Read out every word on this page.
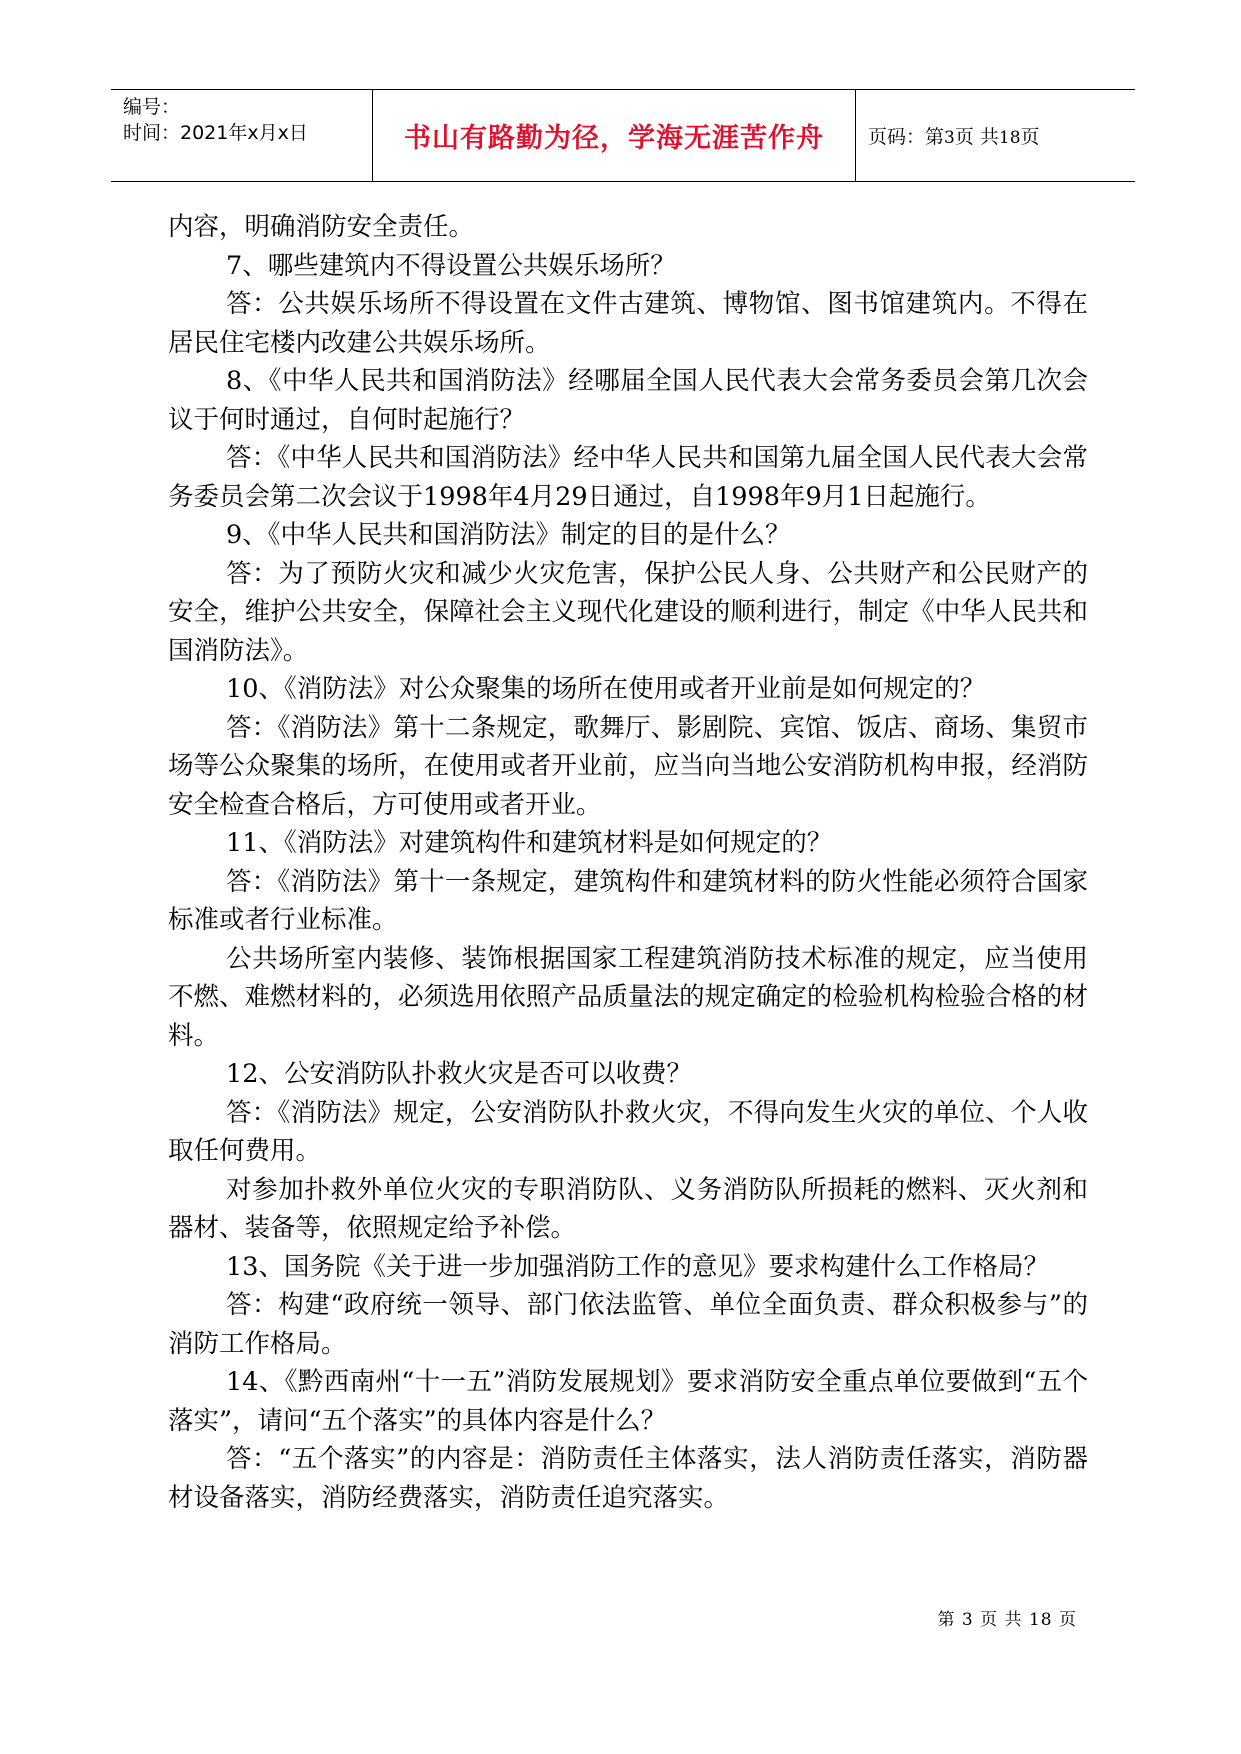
编号：
时间：2021年x月x日	书山有路勤为径，学海无涯苦作舟 页码：第3页 共18页

内容，明确消防安全责任。

7、哪些建筑内不得设置公共娱乐场所？

答：公共娱乐场所不得设置在文件古建筑、博物馆、图书馆建筑内。不得在居民住宅楼内改建公共娱乐场所。

8、《中华人民共和国消防法》经哪届全国人民代表大会常务委员会第几次会议于何时通过，自何时起施行？

答：《中华人民共和国消防法》经中华人民共和国第九届全国人民代表大会常务委员会第二次会议于1998年4月29日通过，自1998年9月1日起施行。

9、《中华人民共和国消防法》制定的目的是什么？

答：为了预防火灾和减少火灾危害，保护公民人身、公共财产和公民财产的安全，维护公共安全，保障社会主义现代化建设的顺利进行，制定《中华人民共和国消防法》。

10、《消防法》对公众聚集的场所在使用或者开业前是如何规定的？

答：《消防法》第十二条规定，歌舞厅、影剧院、宾馆、饭店、商场、集贸市场等公众聚集的场所，在使用或者开业前，应当向当地公安消防机构申报，经消防安全检查合格后，方可使用或者开业。

11、《消防法》对建筑构件和建筑材料是如何规定的？

答：《消防法》第十一条规定，建筑构件和建筑材料的防火性能必须符合国家标准或者行业标准。

公共场所室内装修、装饰根据国家工程建筑消防技术标准的规定，应当使用不燃、难燃材料的，必须选用依照产品质量法的规定确定的检验机构检验合格的材料。

12、公安消防队扑救火灾是否可以收费？

答：《消防法》规定，公安消防队扑救火灾，不得向发生火灾的单位、个人收取任何费用。

对参加扑救外单位火灾的专职消防队、义务消防队所损耗的燃料、灭火剂和器材、装备等，依照规定给予补偿。

13、国务院《关于进一步加强消防工作的意见》要求构建什么工作格局？

答：构建“政府统一领导、部门依法监管、单位全面负责、群众积极参与”的消防工作格局。

14、《黔西南州“十一五”消防发展规划》要求消防安全重点单位要做到“五个落实”，请问“五个落实”的具体内容是什么？

答：“五个落实”的内容是：消防责任主体落实，法人消防责任落实，消防器材设备落实，消防经费落实，消防责任追究落实。

第 3 页 共 18 页
